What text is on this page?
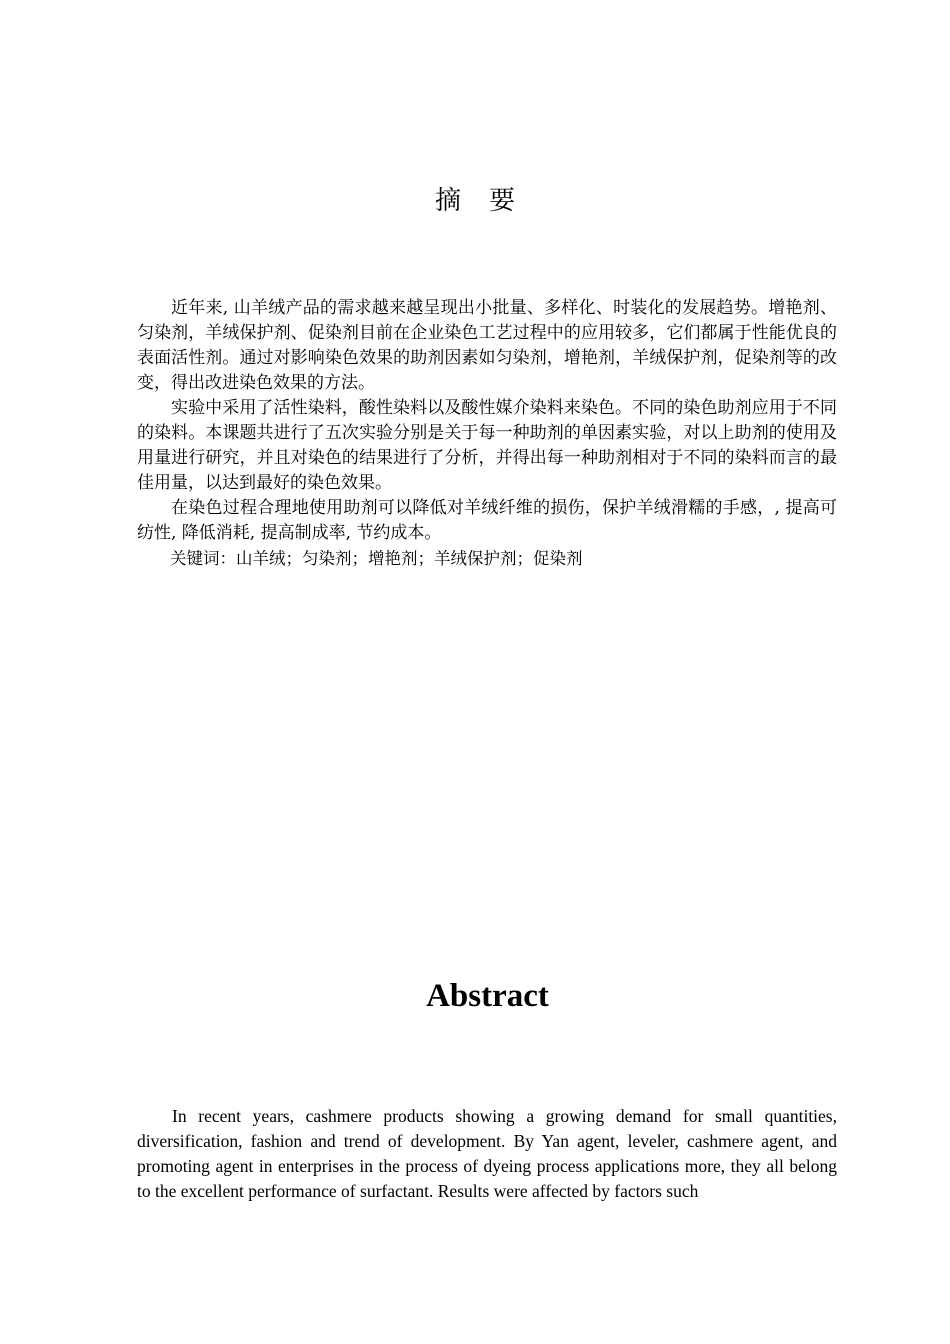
摘 要

近年来, 山羊绒产品的需求越来越呈现出小批量、多样化、时装化的发展趋势。增艳剂、匀染剂，羊绒保护剂、促染剂目前在企业染色工艺过程中的应用较多，它们都属于性能优良的表面活性剂。通过对影响染色效果的助剂因素如匀染剂，增艳剂，羊绒保护剂，促染剂等的改变，得出改进染色效果的方法。

实验中采用了活性染料，酸性染料以及酸性媒介染料来染色。不同的染色助剂应用于不同的染料。本课题共进行了五次实验分别是关于每一种助剂的单因素实验，对以上助剂的使用及用量进行研究，并且对染色的结果进行了分析，并得出每一种助剂相对于不同的染料而言的最佳用量，以达到最好的染色效果。

在染色过程合理地使用助剂可以降低对羊绒纤维的损伤，保护羊绒滑糯的手感，, 提高可纺性, 降低消耗, 提高制成率, 节约成本。

关键词：山羊绒；匀染剂；增艳剂；羊绒保护剂；促染剂

Abstract

In recent years, cashmere products showing a growing demand for small quantities, diversification, fashion and trend of development. By Yan agent, leveler, cashmere agent, and promoting agent in enterprises in the process of dyeing process applications more, they all belong to the excellent performance of surfactant. Results were affected by factors such
